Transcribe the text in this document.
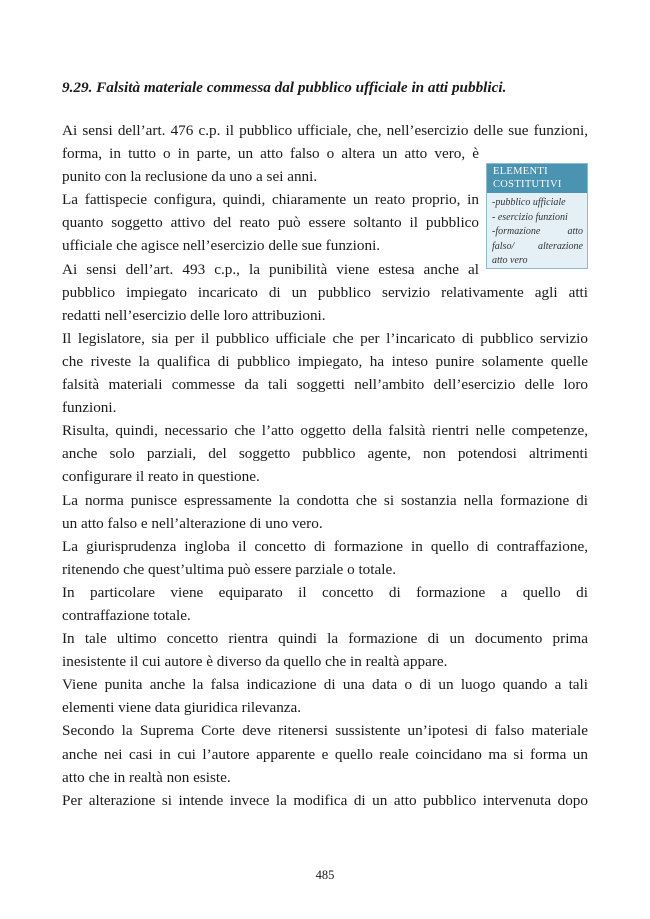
9.29. Falsità materiale commessa dal pubblico ufficiale in atti pubblici.

Ai sensi dell’art. 476 c.p. il pubblico ufficiale, che, nell’esercizio delle sue funzioni,
forma, in tutto o in parte, un atto falso o altera un atto vero, è
punito con la reclusione da uno a sei anni.

La fattispecie configura, quindi, chiaramente un reato proprio, in
quanto soggetto attivo del reato può essere soltanto il pubblico
ufficiale che agisce nell’esercizio delle sue funzioni.

Ai sensi dell’art. 493 c.p., la punibilità viene estesa anche al
pubblico impiegato incaricato di un pubblico servizio relativamente agli atti
redatti nell’esercizio delle loro attribuzioni.

Il legislatore, sia per il pubblico ufficiale che per l’incaricato di pubblico servizio
che riveste la qualifica di pubblico impiegato, ha inteso punire solamente quelle
falsità materiali commesse da tali soggetti nell’ambito dell’esercizio delle loro
funzioni.

Risulta, quindi, necessario che l’atto oggetto della falsità rientri nelle competenze,
anche solo parziali, del soggetto pubblico agente, non potendosi altrimenti
configurare il reato in questione.

La norma punisce espressamente la condotta che si sostanzia nella formazione di
un atto falso e nell’alterazione di uno vero.

La giurisprudenza ingloba il concetto di formazione in quello di contraffazione,
ritenendo che quest’ultima può essere parziale o totale.

In particolare viene equiparato il concetto di formazione a quello di
contraffazione totale.

In tale ultimo concetto rientra quindi la formazione di un documento prima
inesistente il cui autore è diverso da quello che in realtà appare.

Viene punita anche la falsa indicazione di una data o di un luogo quando a tali
elementi viene data giuridica rilevanza.

Secondo la Suprema Corte deve ritenersi sussistente un’ipotesi di falso materiale
anche nei casi in cui l’autore apparente e quello reale coincidano ma si forma un
atto che in realtà non esiste.

Per alterazione si intende invece la modifica di un atto pubblico intervenuta dopo

ELEMENTI
COSTITUTIVI
-pubblico ufficiale
- esercizio funzioni
-formazione atto
falso/ alterazione
atto vero
485
